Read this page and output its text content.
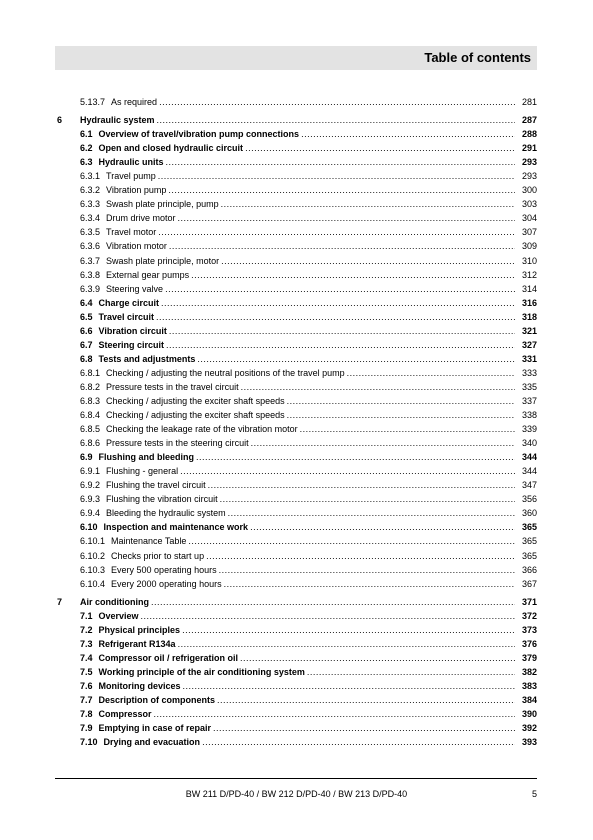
Table of contents
5.13.7 As required .....	281
6 Hydraulic system .....	287
6.1 Overview of travel/vibration pump connections .....	288
6.2 Open and closed hydraulic circuit .....	291
6.3 Hydraulic units .....	293
6.3.1 Travel pump .....	293
6.3.2 Vibration pump .....	300
6.3.3 Swash plate principle, pump .....	303
6.3.4 Drum drive motor .....	304
6.3.5 Travel motor .....	307
6.3.6 Vibration motor .....	309
6.3.7 Swash plate principle, motor .....	310
6.3.8 External gear pumps .....	312
6.3.9 Steering valve .....	314
6.4 Charge circuit .....	316
6.5 Travel circuit .....	318
6.6 Vibration circuit .....	321
6.7 Steering circuit .....	327
6.8 Tests and adjustments .....	331
6.8.1 Checking / adjusting the neutral positions of the travel pump .....	333
6.8.2 Pressure tests in the travel circuit .....	335
6.8.3 Checking / adjusting the exciter shaft speeds .....	337
6.8.4 Checking / adjusting the exciter shaft speeds .....	338
6.8.5 Checking the leakage rate of the vibration motor .....	339
6.8.6 Pressure tests in the steering circuit .....	340
6.9 Flushing and bleeding .....	344
6.9.1 Flushing - general .....	344
6.9.2 Flushing the travel circuit .....	347
6.9.3 Flushing the vibration circuit .....	356
6.9.4 Bleeding the hydraulic system .....	360
6.10 Inspection and maintenance work .....	365
6.10.1 Maintenance Table .....	365
6.10.2 Checks prior to start up .....	365
6.10.3 Every 500 operating hours .....	366
6.10.4 Every 2000 operating hours .....	367
7 Air conditioning .....	371
7.1 Overview .....	372
7.2 Physical principles .....	373
7.3 Refrigerant R134a .....	376
7.4 Compressor oil / refrigeration oil .....	379
7.5 Working principle of the air conditioning system .....	382
7.6 Monitoring devices .....	383
7.7 Description of components .....	384
7.8 Compressor .....	390
7.9 Emptying in case of repair .....	392
7.10 Drying and evacuation .....	393
BW 211 D/PD-40 / BW 212 D/PD-40 / BW 213 D/PD-40	5
